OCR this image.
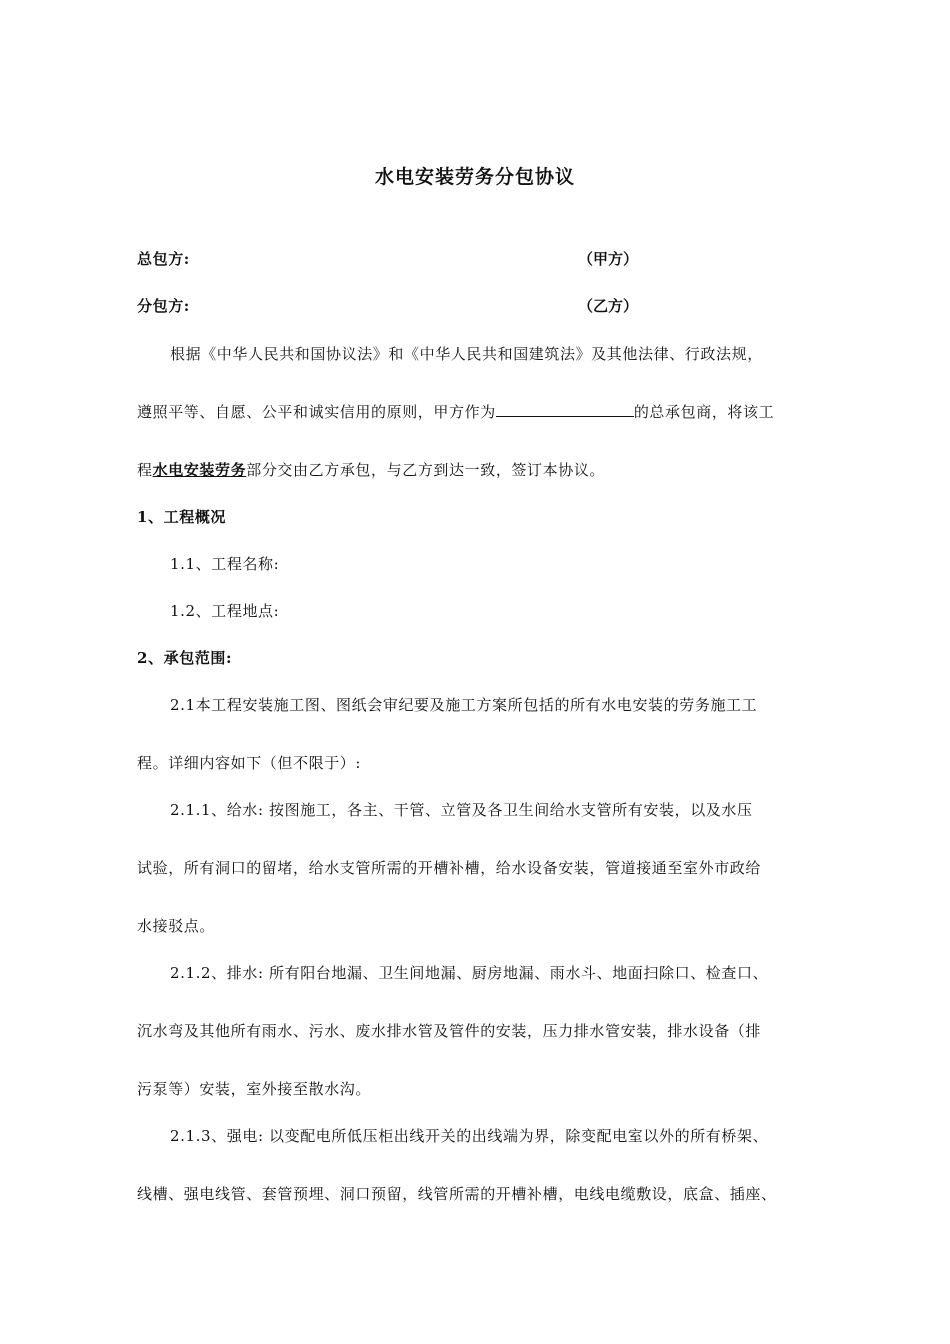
水电安装劳务分包协议
总包方:	（甲方）
分包方:	（乙方）
根据《中华人民共和国协议法》和《中华人民共和国建筑法》及其他法律、行政法规，
遵照平等、自愿、公平和诚实信用的原则，甲方作为	的总承包商，将该工
程水电安装劳务部分交由乙方承包，与乙方到达一致，签订本协议。
1、工程概况
1.1、工程名称:
1.2、工程地点:
2、承包范围:
2.1本工程安装施工图、图纸会审纪要及施工方案所包括的所有水电安装的劳务施工工
程。详细内容如下（但不限于）:
2.1.1、给水: 按图施工，各主、干管、立管及各卫生间给水支管所有安装，以及水压
试验，所有洞口的留堵，给水支管所需的开槽补槽，给水设备安装，管道接通至室外市政给
水接驳点。
2.1.2、排水: 所有阳台地漏、卫生间地漏、厨房地漏、雨水斗、地面扫除口、检查口、
沉水弯及其他所有雨水、污水、废水排水管及管件的安装，压力排水管安装，排水设备（排
污泵等）安装，室外接至散水沟。
2.1.3、强电: 以变配电所低压柜出线开关的出线端为界，除变配电室以外的所有桥架、
线槽、强电线管、套管预埋、洞口预留，线管所需的开槽补槽，电线电缆敷设，底盒、插座、
